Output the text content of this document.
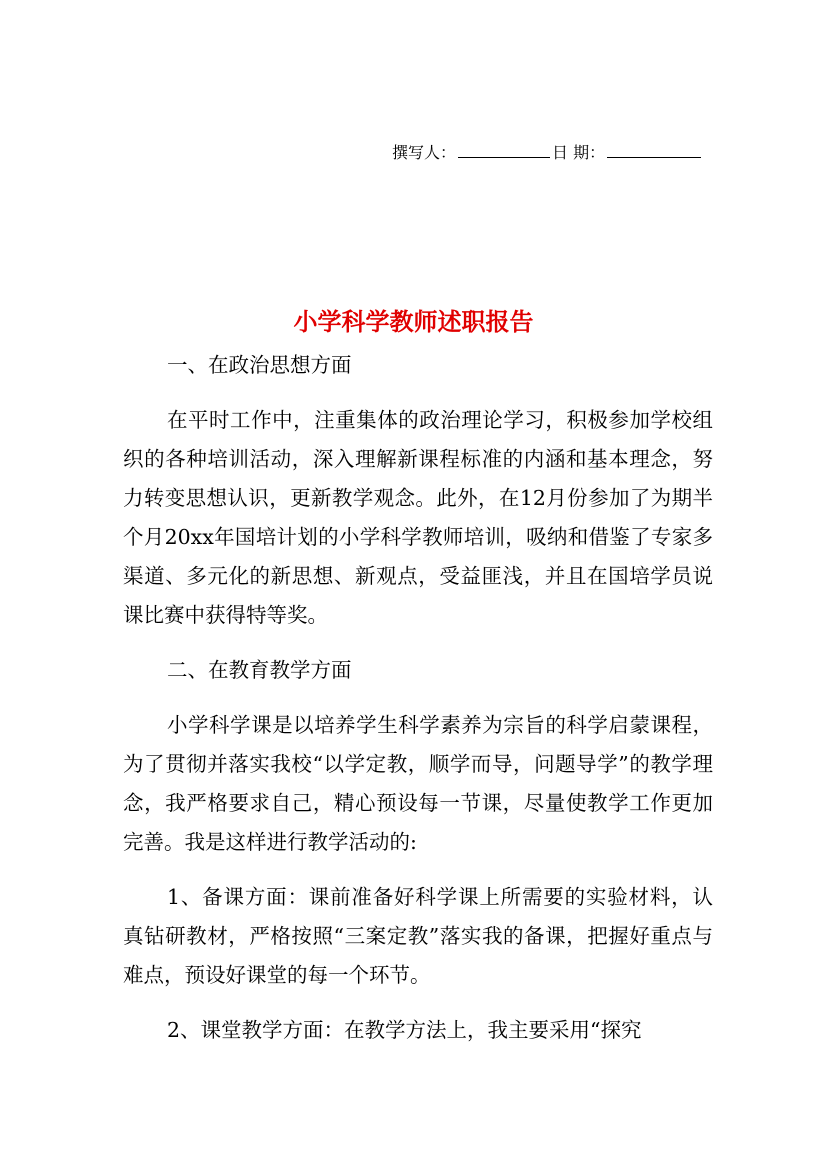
撰写人：	日 期：
小学科学教师述职报告

一、在政治思想方面

在平时工作中，注重集体的政治理论学习，积极参加学校组织的各种培训活动，深入理解新课程标准的内涵和基本理念，努力转变思想认识，更新教学观念。此外，在12月份参加了为期半个月20xx年国培计划的小学科学教师培训，吸纳和借鉴了专家多渠道、多元化的新思想、新观点，受益匪浅，并且在国培学员说课比赛中获得特等奖。

二、在教育教学方面

小学科学课是以培养学生科学素养为宗旨的科学启蒙课程，为了贯彻并落实我校“以学定教，顺学而导，问题导学”的教学理念，我严格要求自己，精心预设每一节课，尽量使教学工作更加完善。我是这样进行教学活动的:

1、备课方面：课前准备好科学课上所需要的实验材料，认真钻研教材，严格按照“三案定教”落实我的备课，把握好重点与难点，预设好课堂的每一个环节。

2、课堂教学方面：在教学方法上，我主要采用“探究
